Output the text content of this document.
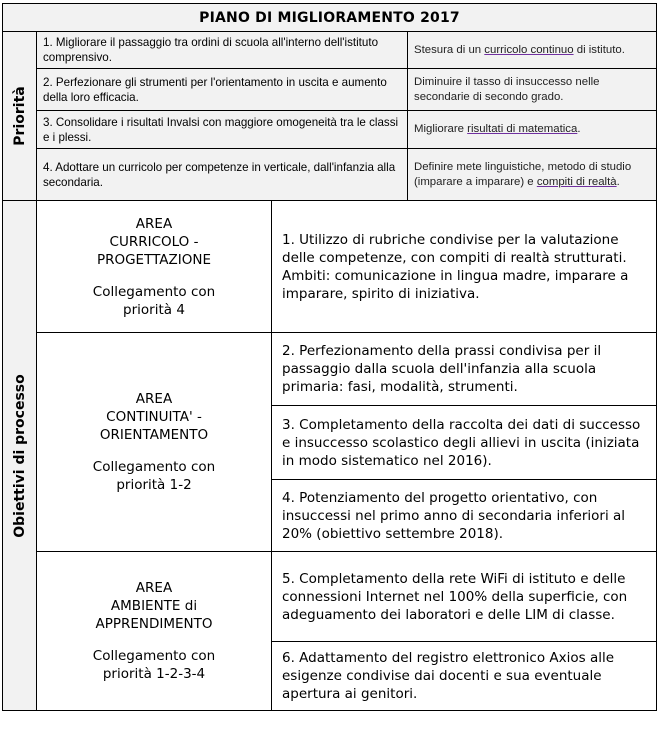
PIANO DI MIGLIORAMENTO 2017			

Priorità	1. Migliorare il passaggio tra ordini di scuola all'interno dell'istituto comprensivo.		Stesura di un curricolo continuo di istituto.
	2. Perfezionare gli strumenti per l'orientamento in uscita e aumento della loro efficacia.		Diminuire il tasso di insuccesso nelle secondarie di secondo grado.
	3. Consolidare i risultati Invalsi con maggiore omogeneità tra le classi e i plessi.		Migliorare risultati di matematica.
	4. Adottare un curricolo per competenze in verticale, dall'infanzia alla secondaria.		Definire mete linguistiche, metodo di studio (imparare a imparare) e compiti di realtà.

Obiettivi di processo	AREA
CURRICOLO -
PROGETTAZIONE
Collegamento con
priorità 4	1. Utilizzo di rubriche condivise per la valutazione delle competenze, con compiti di realtà strutturati. Ambiti: comunicazione in lingua madre, imparare a imparare, spirito di iniziativa.	

	AREA
CONTINUITA' -
ORIENTAMENTO
Collegamento con
priorità 1-2	2. Perfezionamento della prassi condivisa per il passaggio dalla scuola dell'infanzia alla scuola primaria: fasi, modalità, strumenti.	
		3. Completamento della raccolta dei dati di successo e insuccesso scolastico degli allievi in uscita (iniziata in modo sistematico nel 2016).	
		4. Potenziamento del progetto orientativo, con insuccessi nel primo anno di secondaria inferiori al 20% (obiettivo settembre 2018).	

	AREA
AMBIENTE di
APPRENDIMENTO
Collegamento con
priorità 1-2-3-4	5. Completamento della rete WiFi di istituto e delle connessioni Internet nel 100% della superficie, con adeguamento dei laboratori e delle LIM di classe.	
		6. Adattamento del registro elettronico Axios alle esigenze condivise dai docenti e sua eventuale apertura ai genitori.	
